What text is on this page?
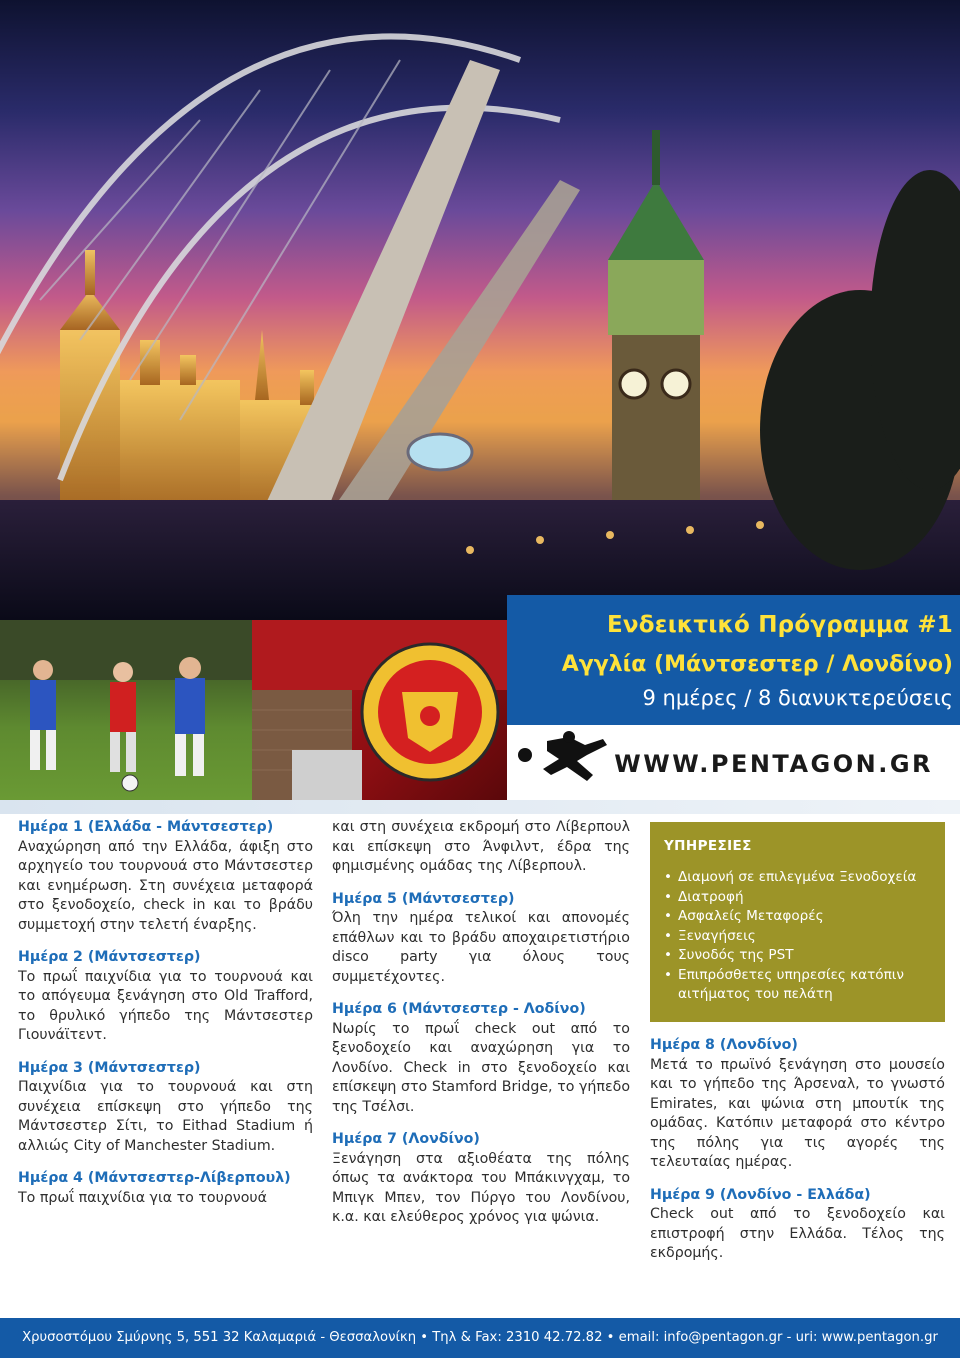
Ενδεικτικό Πρόγραμμα #1
Αγγλία (Μάντσεστερ / Λονδίνο)
9 ημέρες / 8 διανυκτερεύσεις
WWW.PENTAGON.GR

Ημέρα 1 (Ελλάδα - Μάντσεστερ)

Αναχώρηση από την Ελλάδα, άφιξη στο αρχηγείο του τουρνουά στο Μάντσεστερ και ενημέρωση. Στη συνέχεια μεταφορά στο ξενοδοχείο, check in και το βράδυ συμμετοχή στην τελετή έναρξης.

Ημέρα 2 (Μάντσεστερ)

Το πρωΐ παιχνίδια για το τουρνουά και το απόγευμα ξενάγηση στο Old Trafford, το θρυλικό γήπεδο της Μάντσεστερ Γιουνάϊτεντ.

Ημέρα 3 (Μάντσεστερ)

Παιχνίδια για το τουρνουά και στη συνέχεια επίσκεψη στο γήπεδο της Μάντσεστερ Σίτι, το Eithad Stadium ή αλλιώς City of Manchester Stadium.

Ημέρα 4 (Μάντσεστερ-Λίβερπουλ)

Το πρωΐ παιχνίδια για το τουρνουά

και στη συνέχεια εκδρομή στο Λίβερπουλ και επίσκεψη στο Άνφιλντ, έδρα της φημισμένης ομάδας της Λίβερπουλ.

Ημέρα 5 (Μάντσεστερ)

Όλη την ημέρα τελικοί και απονομές επάθλων και το βράδυ αποχαιρετιστήριο disco party για όλους τους συμμετέχοντες.

Ημέρα 6 (Μάντσεστερ - Λοδίνο)

Νωρίς το πρωΐ check out από το ξενοδοχείο και αναχώρηση για το Λονδίνο. Check in στο ξενοδοχείο και επίσκεψη στο Stamford Bridge, το γήπεδο της Τσέλσι.

Ημέρα 7 (Λονδίνο)

Ξενάγηση στα αξιοθέατα της πόλης όπως τα ανάκτορα του Μπάκινγχαμ, το Μπιγκ Μπεν, τον Πύργο του Λονδίνου, κ.α. και ελεύθερος χρόνος για ψώνια.

ΥΠΗΡΕΣΙΕΣ

• Διαμονή σε επιλεγμένα Ξενοδοχεία
• Διατροφή
• Ασφαλείς Μεταφορές
• Ξεναγήσεις
• Συνοδός της PST
• Επιπρόσθετες υπηρεσίες κατόπιν αιτήματος του πελάτη

Ημέρα 8 (Λονδίνο)

Μετά το πρωϊνό ξενάγηση στο μουσείο και το γήπεδο της Άρσεναλ, το γνωστό Emirates, και ψώνια στη μπουτίκ της ομάδας. Κατόπιν μεταφορά στο κέντρο της πόλης για τις αγορές της τελευταίας ημέρας.

Ημέρα 9 (Λονδίνο - Ελλάδα)

Check out από το ξενοδοχείο και επιστροφή στην Ελλάδα. Τέλος της εκδρομής.

Χρυσοστόμου Σμύρνης 5, 551 32 Καλαμαριά - Θεσσαλονίκη • Τηλ & Fax: 2310 42.72.82 • email: info@pentagon.gr - uri: www.pentagon.gr
